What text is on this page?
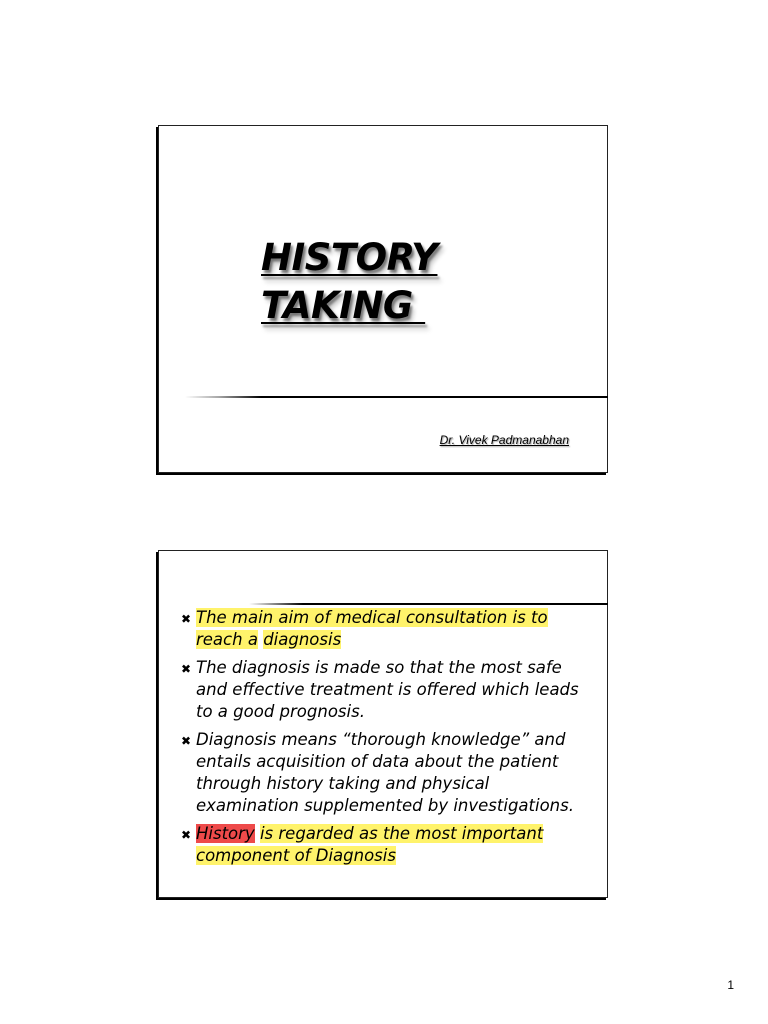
HISTORY
TAKING
Dr. Vivek Padmanabhan
✖ The main aim of medical consultation is to
reach a diagnosis
✖ The diagnosis is made so that the most safe and effective treatment is offered which leads to a good prognosis.
✖ Diagnosis means “thorough knowledge” and entails acquisition of data about the patient through history taking and physical examination supplemented by investigations.
✖ History is regarded as the most important
component of Diagnosis
1
